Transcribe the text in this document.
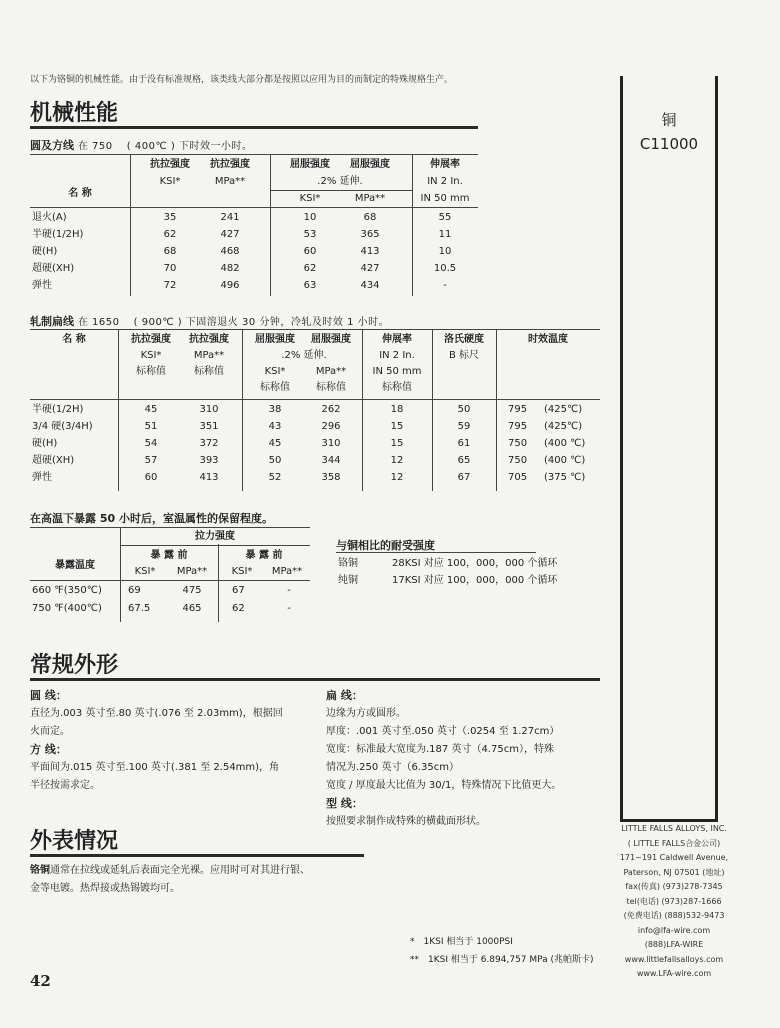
以下为铬铜的机械性能。由于没有标准规格，该类线大部分都是按照以应用为目的而制定的特殊规格生产。
铜
C11000
LITTLE FALLS ALLOYS, INC.
( LITTLE FALLS合金公司)
171~191 Caldwell Avenue,
Paterson, NJ 07501 (地址)
fax(传真) (973)278-7345
tel(电话) (973)287-1666
(免费电话) (888)532-9473
info@lfa-wire.com
(888)LFA-WIRE
www.littlefallsalloys.com
www.LFA-wire.com
机械性能
圆及方线 在 750 　( 400℃ ) 下时效一小时。
名 称
抗拉强度	抗拉强度
KSI*	MPa**
屈服强度	屈服强度
.2% 延伸.
KSI*	MPa**
伸展率
IN 2 In.
IN 50 mm
退火(A)	35	241	10	68	55
半硬(1/2H)	62	427	53	365	11
硬(H)	68	468	60	413	10
超硬(XH)	70	482	62	427	10.5
弹性	72	496	63	434	-
轧制扁线 在 1650 　( 900℃ ) 下固溶退火 30 分钟，冷轧及时效 1 小时。
名 称	抗拉强度	抗拉强度
KSI*	MPa**
标称值	标称值
屈服强度	屈服强度
.2% 延伸.
KSI*	MPa**
标称值	标称值
伸展率
IN 2 In.
IN 50 mm
标称值
洛氏硬度
B 标尺
时效温度
半硬(1/2H)	45	310	38	262	18	50	795 (425℃)
3/4 硬(3/4H)	51	351	43	296	15	59	795 (425℃)
硬(H)	54	372	45	310	15	61	750 (400 ℃)
超硬(XH)	57	393	50	344	12	65	750 (400 ℃)
弹性	60	413	52	358	12	67	705 (375 ℃)
在高温下暴露 50 小时后，室温属性的保留程度。
拉力强度
暴露温度
暴 露 前	暴 露 前
KSI*	MPa**	KSI*	MPa**
660 ℉(350℃)	69	475	67	-
750 ℉(400℃)	67.5	465	62	-
与铜相比的耐受强度
铬铜	28KSI 对应 100，000，000 个循环
纯铜	17KSI 对应 100，000，000 个循环
常规外形
圆 线：
直径为.003 英寸至.80 英寸(.076 至 2.03mm)，根据回
火而定。
方 线：
平面间为.015 英寸至.100 英寸(.381 至 2.54mm)，角
半径按需求定。
扁 线：
边缘为方或圆形。
厚度：.001 英寸至.050 英寸（.0254 至 1.27cm）
宽度：标准最大宽度为.187 英寸（4.75cm），特殊
情况为.250 英寸（6.35cm）
宽度 / 厚度最大比值为 30/1，特殊情况下比值更大。
型 线：
按照要求制作成特殊的横截面形状。
外表情况
铬铜通常在拉线或延轧后表面完全光裸。应用时可对其进行银、
金等电镀。热焊接或热锡镀均可。
*　1KSI 相当于 1000PSI
**　1KSI 相当于 6.894,757 MPa (兆帕斯卡)
42
